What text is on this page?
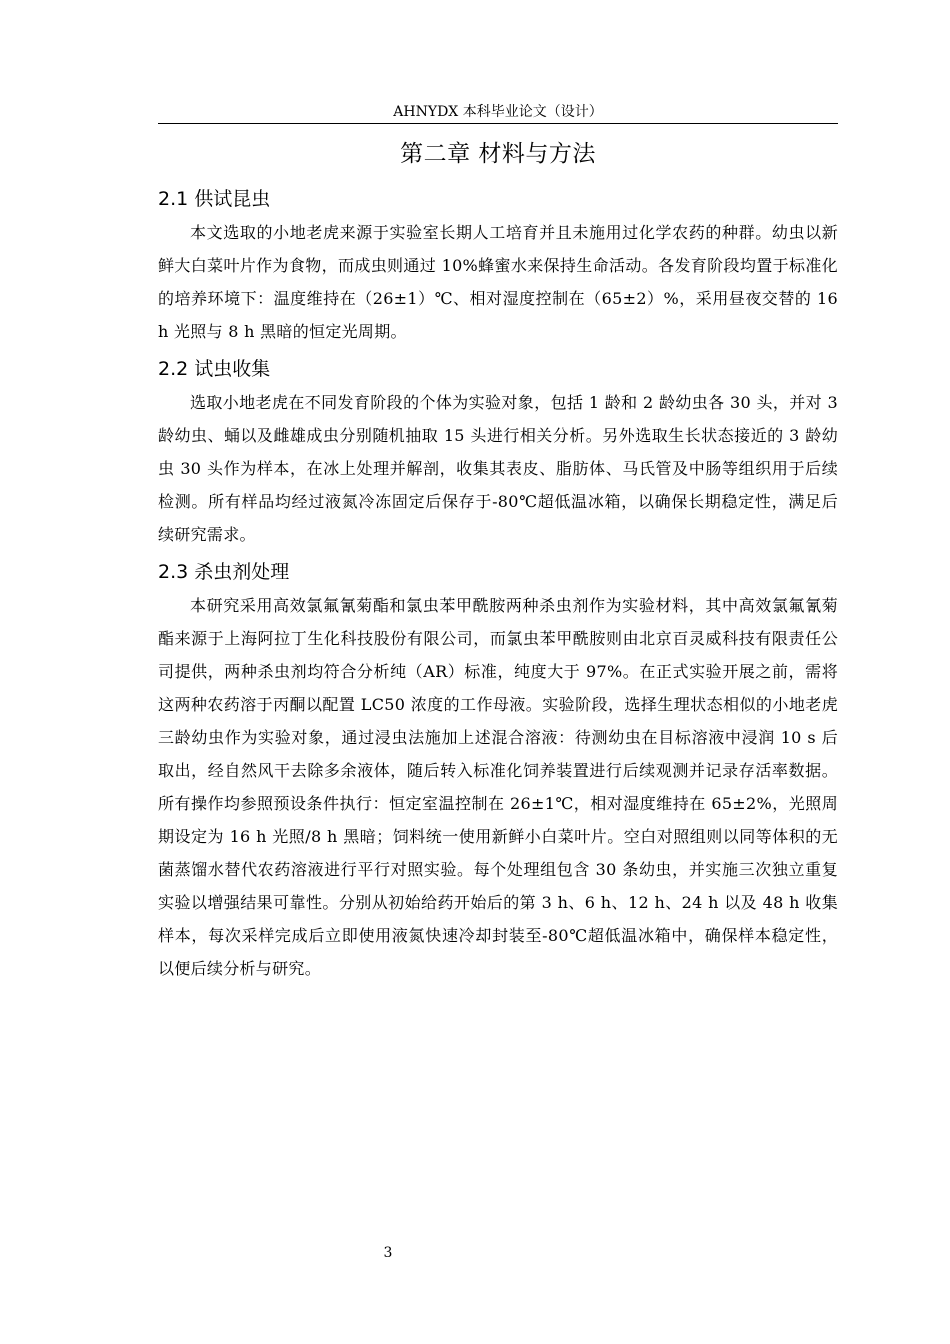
AHNYDX 本科毕业论文（设计）
第二章 材料与方法
2.1 供试昆虫

本文选取的小地老虎来源于实验室长期人工培育并且未施用过化学农药的种群。幼虫以新鲜大白菜叶片作为食物，而成虫则通过 10%蜂蜜水来保持生命活动。各发育阶段均置于标准化的培养环境下：温度维持在（26±1）℃、相对湿度控制在（65±2）%，采用昼夜交替的 16 h 光照与 8 h 黑暗的恒定光周期。

2.2 试虫收集

选取小地老虎在不同发育阶段的个体为实验对象，包括 1 龄和 2 龄幼虫各 30 头，并对 3 龄幼虫、蛹以及雌雄成虫分别随机抽取 15 头进行相关分析。另外选取生长状态接近的 3 龄幼虫 30 头作为样本，在冰上处理并解剖，收集其表皮、脂肪体、马氏管及中肠等组织用于后续检测。所有样品均经过液氮冷冻固定后保存于-80℃超低温冰箱，以确保长期稳定性，满足后续研究需求。

2.3 杀虫剂处理

本研究采用高效氯氟氰菊酯和氯虫苯甲酰胺两种杀虫剂作为实验材料，其中高效氯氟氰菊酯来源于上海阿拉丁生化科技股份有限公司，而氯虫苯甲酰胺则由北京百灵威科技有限责任公司提供，两种杀虫剂均符合分析纯（AR）标准，纯度大于 97%。在正式实验开展之前，需将这两种农药溶于丙酮以配置 LC50 浓度的工作母液。实验阶段，选择生理状态相似的小地老虎三龄幼虫作为实验对象，通过浸虫法施加上述混合溶液：待测幼虫在目标溶液中浸润 10 s 后取出，经自然风干去除多余液体，随后转入标准化饲养装置进行后续观测并记录存活率数据。所有操作均参照预设条件执行：恒定室温控制在 26±1℃，相对湿度维持在 65±2%，光照周期设定为 16 h 光照/8 h 黑暗；饲料统一使用新鲜小白菜叶片。空白对照组则以同等体积的无菌蒸馏水替代农药溶液进行平行对照实验。每个处理组包含 30 条幼虫，并实施三次独立重复实验以增强结果可靠性。分别从初始给药开始后的第 3 h、6 h、12 h、24 h 以及 48 h 收集样本，每次采样完成后立即使用液氮快速冷却封装至-80℃超低温冰箱中，确保样本稳定性，以便后续分析与研究。

3
